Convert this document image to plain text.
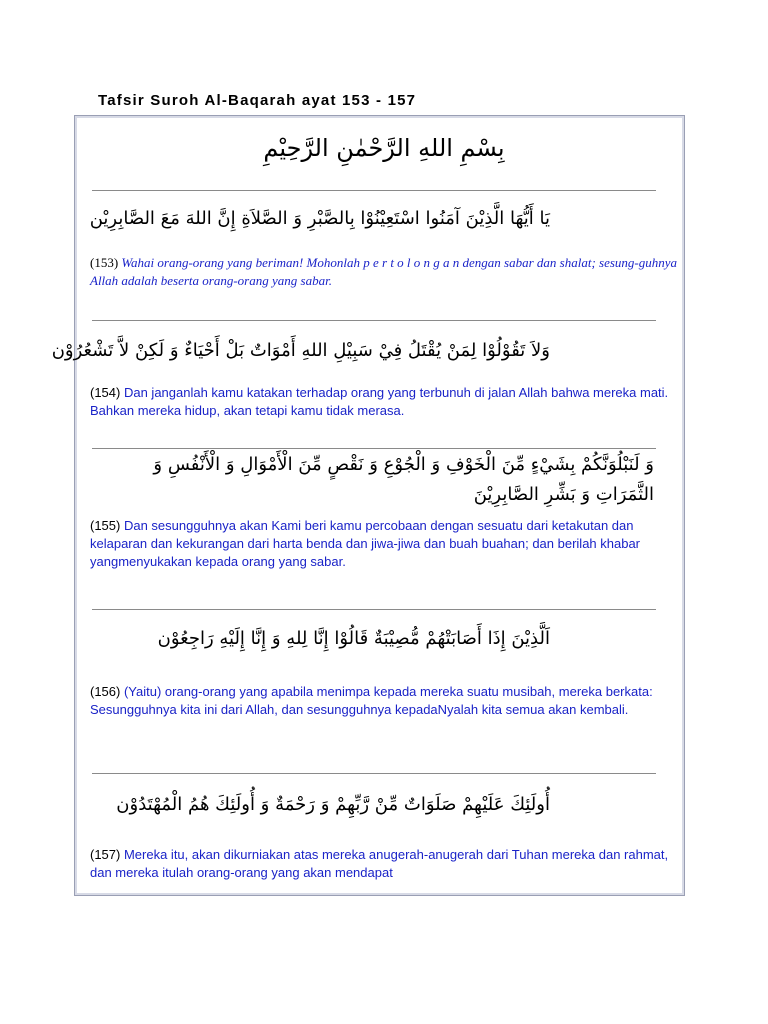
Tafsir Suroh Al-Baqarah ayat 153 - 157
بِسْمِ اللهِ الرَّحْمٰنِ الرَّحِيْمِ
يَا أَيُّهَا الَّذِيْنَ آمَنُوا اسْتَعِيْنُوْا بِالصَّبْرِ وَ الصَّلاَةِ إِنَّ اللهَ مَعَ الصَّابِرِيْن
(153) Wahai orang-orang yang beriman! Mohonlah p e r t o l o n g a n dengan sabar dan shalat; sesung-guhnya Allah adalah beserta orang-orang yang sabar.
وَلاَ تَقُوْلُوْا لِمَنْ يُقْتَلُ فِيْ سَبِيْلِ اللهِ أَمْوَاتٌ بَلْ أَحْيَاءٌ وَ لَكِنْ لاَّ تَشْعُرُوْن
(154) Dan janganlah kamu katakan terhadap orang yang terbunuh di jalan Allah bahwa mereka mati. Bahkan mereka hidup, akan tetapi kamu tidak merasa.
وَ لَنَبْلُوَنَّكُمْ بِشَيْءٍ مِّنَ الْخَوْفِ وَ الْجُوْعِ وَ نَقْصٍ مِّنَ الْأَمْوَالِ وَ الْأَنْفُسِ وَ الثَّمَرَاتِ وَ بَشِّرِ الصَّابِرِيْنَ
(155) Dan sesungguhnya akan Kami beri kamu percobaan dengan sesuatu dari ketakutan dan kelaparan dan kekurangan dari harta benda dan jiwa-jiwa dan buah buahan; dan berilah khabar yangmenyukakan kepada orang yang sabar.
اَلَّذِيْنَ إِذَا أَصَابَتْهُمْ مُّصِيْبَةٌ قَالُوْا إِنَّا لِلهِ وَ إِنَّا إِلَيْهِ رَاجِعُوْن
(156) (Yaitu) orang-orang yang apabila menimpa kepada mereka suatu musibah, mereka berkata: Sesungguhnya kita ini dari Allah, dan sesungguhnya kepadaNyalah kita semua akan kembali.
أُولَئِكَ عَلَيْهِمْ صَلَوَاتٌ مِّنْ رَّبِّهِمْ وَ رَحْمَةٌ وَ أُولَئِكَ هُمُ الْمُهْتَدُوْن
(157) Mereka itu, akan dikurniakan atas mereka anugerah-anugerah dari Tuhan mereka dan rahmat, dan mereka itulah orang-orang yang akan mendapat
